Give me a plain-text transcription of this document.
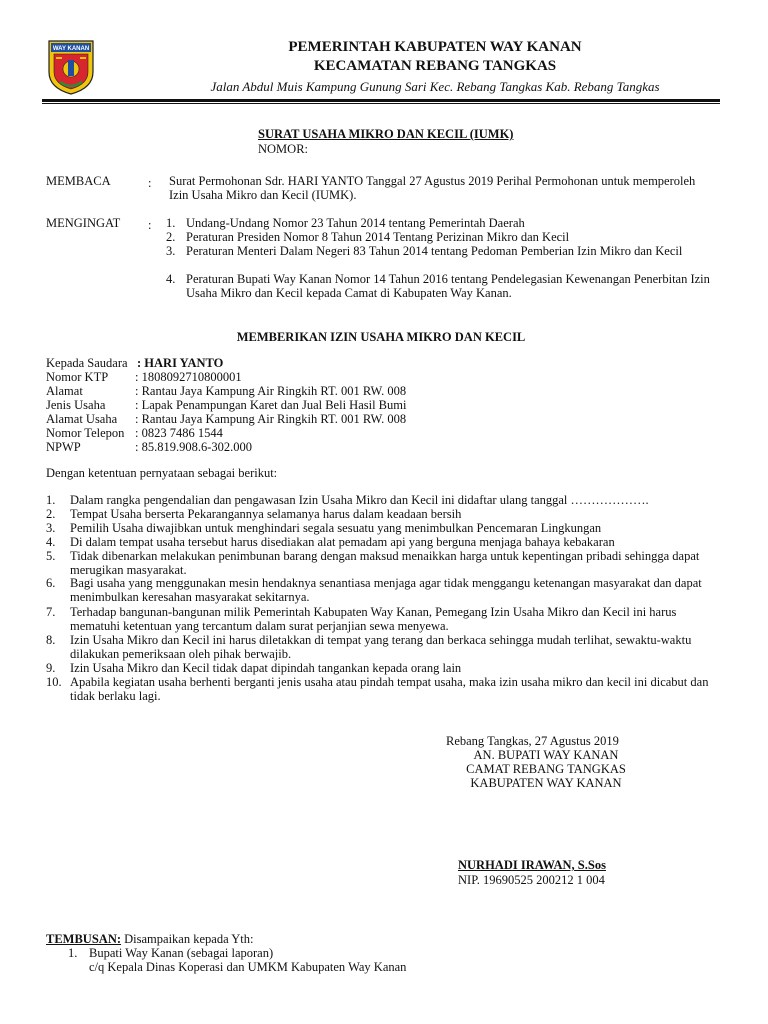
WAY KANAN	PEMERINTAH KABUPATEN WAY KANAN
KECAMATAN REBANG TANGKAS
Jalan Abdul Muis Kampung Gunung Sari Kec. Rebang Tangkas Kab. Rebang Tangkas
SURAT USAHA MIKRO DAN KECIL (IUMK)
NOMOR:
MEMBACA	: Surat Permohonan Sdr. HARI YANTO Tanggal 27 Agustus 2019 Perihal Permohonan untuk memperoleh Izin Usaha Mikro dan Kecil (IUMK).
MENGINGAT : 1. Undang-Undang Nomor 23 Tahun 2014 tentang Pemerintah Daerah
2. Peraturan Presiden Nomor 8 Tahun 2014 Tentang Perizinan Mikro dan Kecil
3. Peraturan Menteri Dalam Negeri 83 Tahun 2014 tentang Pedoman Pemberian Izin Mikro dan Kecil
4. Peraturan Bupati Way Kanan Nomor 14 Tahun 2016 tentang Pendelegasian Kewenangan Penerbitan Izin Usaha Mikro dan Kecil kepada Camat di Kabupaten Way Kanan.
MEMBERIKAN IZIN USAHA MIKRO DAN KECIL
Kepada Saudara : HARI YANTO
Nomor KTP	: 1808092710800001
Alamat	: Rantau Jaya Kampung Air Ringkih RT. 001 RW. 008
Jenis Usaha	: Lapak Penampungan Karet dan Jual Beli Hasil Bumi
Alamat Usaha	: Rantau Jaya Kampung Air Ringkih RT. 001 RW. 008
Nomor Telepon : 0823 7486 1544
NPWP	: 85.819.908.6-302.000
Dengan ketentuan pernyataan sebagai berikut:
1.	Dalam rangka pengendalian dan pengawasan Izin Usaha Mikro dan Kecil ini didaftar ulang tanggal ……………….
2.	Tempat Usaha berserta Pekarangannya selamanya harus dalam keadaan bersih
3.	Pemilih Usaha diwajibkan untuk menghindari segala sesuatu yang menimbulkan Pencemaran Lingkungan
4.	Di dalam tempat usaha tersebut harus disediakan alat pemadam api yang berguna menjaga bahaya kebakaran
5.	Tidak dibenarkan melakukan penimbunan barang dengan maksud menaikkan harga untuk kepentingan pribadi sehingga dapat merugikan masyarakat.
6.	Bagi usaha yang menggunakan mesin hendaknya senantiasa menjaga agar tidak menggangu ketenangan masyarakat dan dapat menimbulkan keresahan masyarakat sekitarnya.
7.	Terhadap bangunan-bangunan milik Pemerintah Kabupaten Way Kanan, Pemegang Izin Usaha Mikro dan Kecil ini harus mematuhi ketentuan yang tercantum dalam surat perjanjian sewa menyewa.
8.	Izin Usaha Mikro dan Kecil ini harus diletakkan di tempat yang terang dan berkaca sehingga mudah terlihat, sewaktu-waktu dilakukan pemeriksaan oleh pihak berwajib.
9.	Izin Usaha Mikro dan Kecil tidak dapat dipindah tangankan kepada orang lain
10. Apabila kegiatan usaha berhenti berganti jenis usaha atau pindah tempat usaha, maka izin usaha mikro dan kecil ini dicabut dan tidak berlaku lagi.
Rebang Tangkas, 27 Agustus 2019
AN. BUPATI WAY KANAN
CAMAT REBANG TANGKAS
KABUPATEN WAY KANAN
NURHADI IRAWAN, S.Sos
NIP. 19690525 200212 1 004
TEMBUSAN: Disampaikan kepada Yth:
1. Bupati Way Kanan (sebagai laporan)
c/q Kepala Dinas Koperasi dan UMKM Kabupaten Way Kanan
